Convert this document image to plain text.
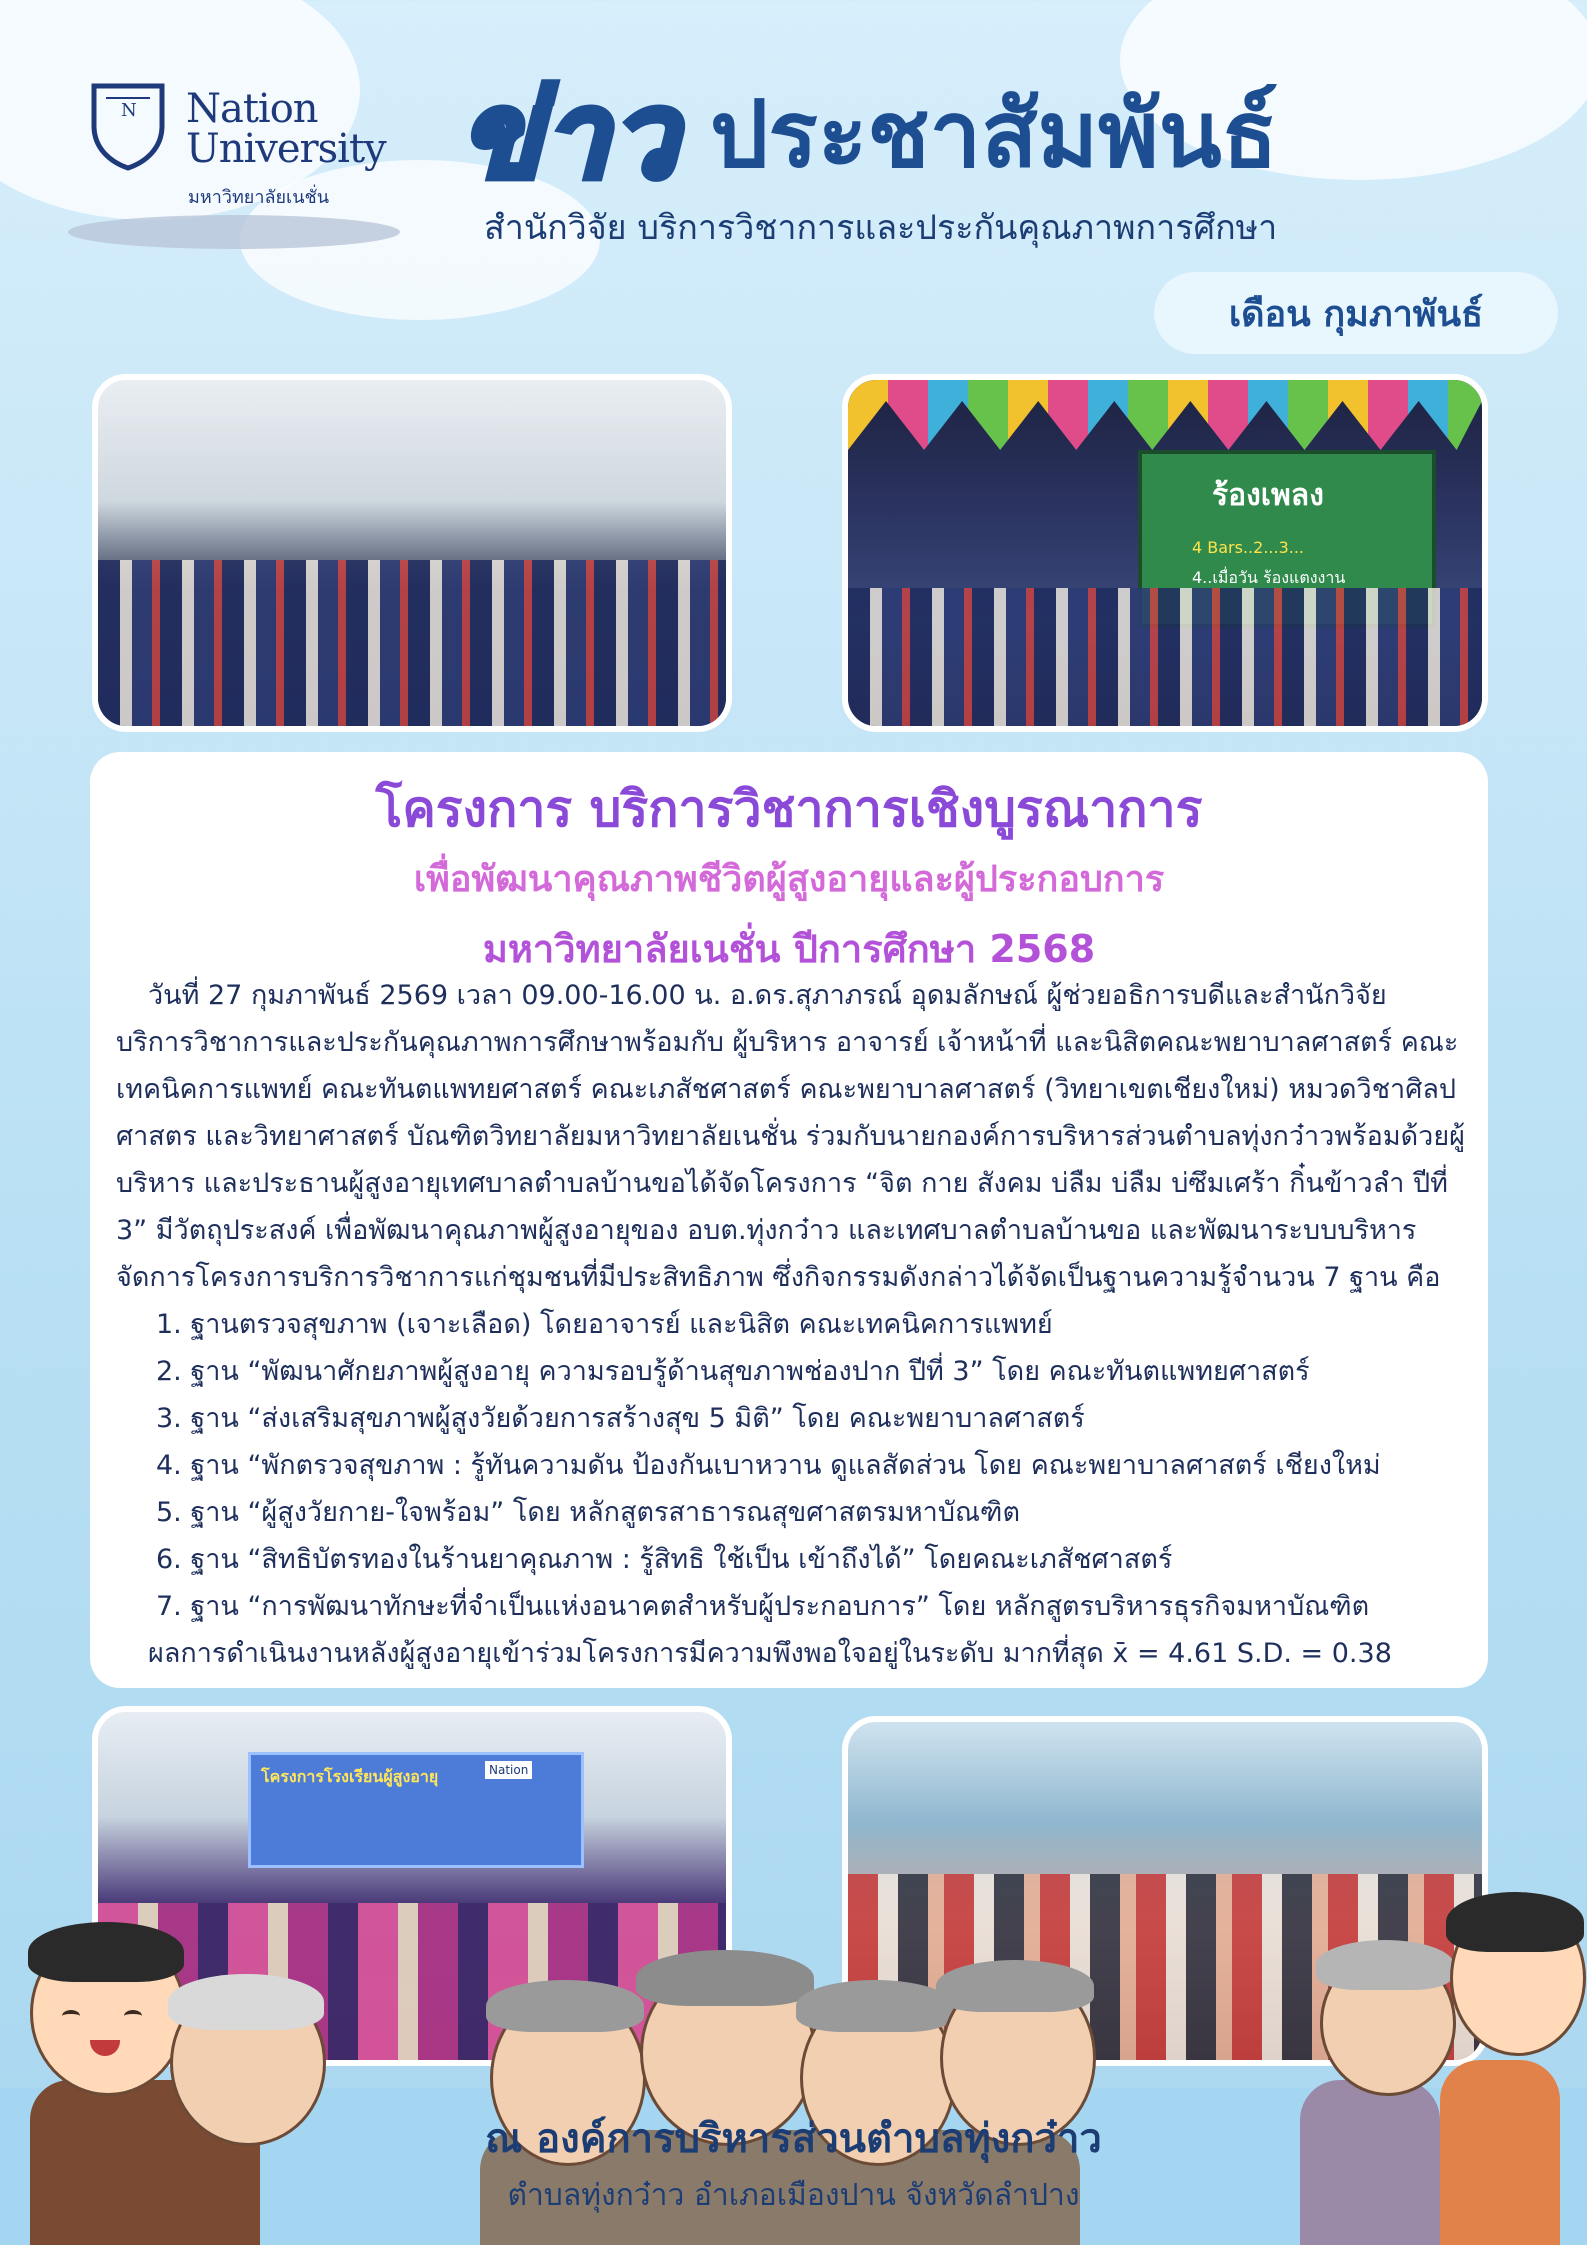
N Nation
University
มหาวิทยาลัยเนชั่น ข่าว ประชาสัมพันธ์
สำนักวิจัย บริการวิชาการและประกันคุณภาพการศึกษา
เดือน กุมภาพันธ์
ร้องเพลง
4 Bars..2...3...
4..เมื่อวัน ร้องแตงงาน
โครงการ บริการวิชาการเชิงบูรณาการ
เพื่อพัฒนาคุณภาพชีวิตผู้สูงอายุและผู้ประกอบการ
มหาวิทยาลัยเนชั่น ปีการศึกษา 2568

วันที่ 27 กุมภาพันธ์ 2569 เวลา 09.00-16.00 น. อ.ดร.สุภาภรณ์ อุดมลักษณ์ ผู้ช่วยอธิการบดีและสำนักวิจัย บริการวิชาการและประกันคุณภาพการศึกษาพร้อมกับ ผู้บริหาร อาจารย์ เจ้าหน้าที่ และนิสิตคณะพยาบาลศาสตร์ คณะเทคนิคการแพทย์ คณะทันตแพทยศาสตร์ คณะเภสัชศาสตร์ คณะพยาบาลศาสตร์ (วิทยาเขตเชียงใหม่) หมวดวิชาศิลปศาสตร และวิทยาศาสตร์ บัณฑิตวิทยาลัยมหาวิทยาลัยเนชั่น ร่วมกับนายกองค์การบริหารส่วนตำบลทุ่งกว๋าวพร้อมด้วยผู้บริหาร และประธานผู้สูงอายุเทศบาลตำบลบ้านขอได้จัดโครงการ “จิต กาย สังคม บ่ลืม บ่ลืม บ่ซึมเศร้า กิ๋นข้าวลำ ปีที่ 3” มีวัตถุประสงค์ เพื่อพัฒนาคุณภาพผู้สูงอายุของ อบต.ทุ่งกว๋าว และเทศบาลตำบลบ้านขอ และพัฒนาระบบบริหารจัดการโครงการบริการวิชาการแก่ชุมชนที่มีประสิทธิภาพ ซึ่งกิจกรรมดังกล่าวได้จัดเป็นฐานความรู้จำนวน 7 ฐาน คือ

1. ฐานตรวจสุขภาพ (เจาะเลือด) โดยอาจารย์ และนิสิต คณะเทคนิคการแพทย์
2. ฐาน “พัฒนาศักยภาพผู้สูงอายุ ความรอบรู้ด้านสุขภาพช่องปาก ปีที่ 3” โดย คณะทันตแพทยศาสตร์
3. ฐาน “ส่งเสริมสุขภาพผู้สูงวัยด้วยการสร้างสุข 5 มิติ” โดย คณะพยาบาลศาสตร์
4. ฐาน “พักตรวจสุขภาพ : รู้ทันความดัน ป้องกันเบาหวาน ดูแลสัดส่วน โดย คณะพยาบาลศาสตร์ เชียงใหม่
5. ฐาน “ผู้สูงวัยกาย-ใจพร้อม” โดย หลักสูตรสาธารณสุขศาสตรมหาบัณฑิต
6. ฐาน “สิทธิบัตรทองในร้านยาคุณภาพ : รู้สิทธิ ใช้เป็น เข้าถึงได้” โดยคณะเภสัชศาสตร์
7. ฐาน “การพัฒนาทักษะที่จำเป็นแห่งอนาคตสำหรับผู้ประกอบการ” โดย หลักสูตรบริหารธุรกิจมหาบัณฑิต

ผลการดำเนินงานหลังผู้สูงอายุเข้าร่วมโครงการมีความพึงพอใจอยู่ในระดับ มากที่สุด x̄ = 4.61 S.D. = 0.38

โครงการโรงเรียนผู้สูงอายุ	Nation
ณ องค์การบริหารส่วนตำบลทุ่งกว๋าว
ตำบลทุ่งกว๋าว อำเภอเมืองปาน จังหวัดลำปาง
